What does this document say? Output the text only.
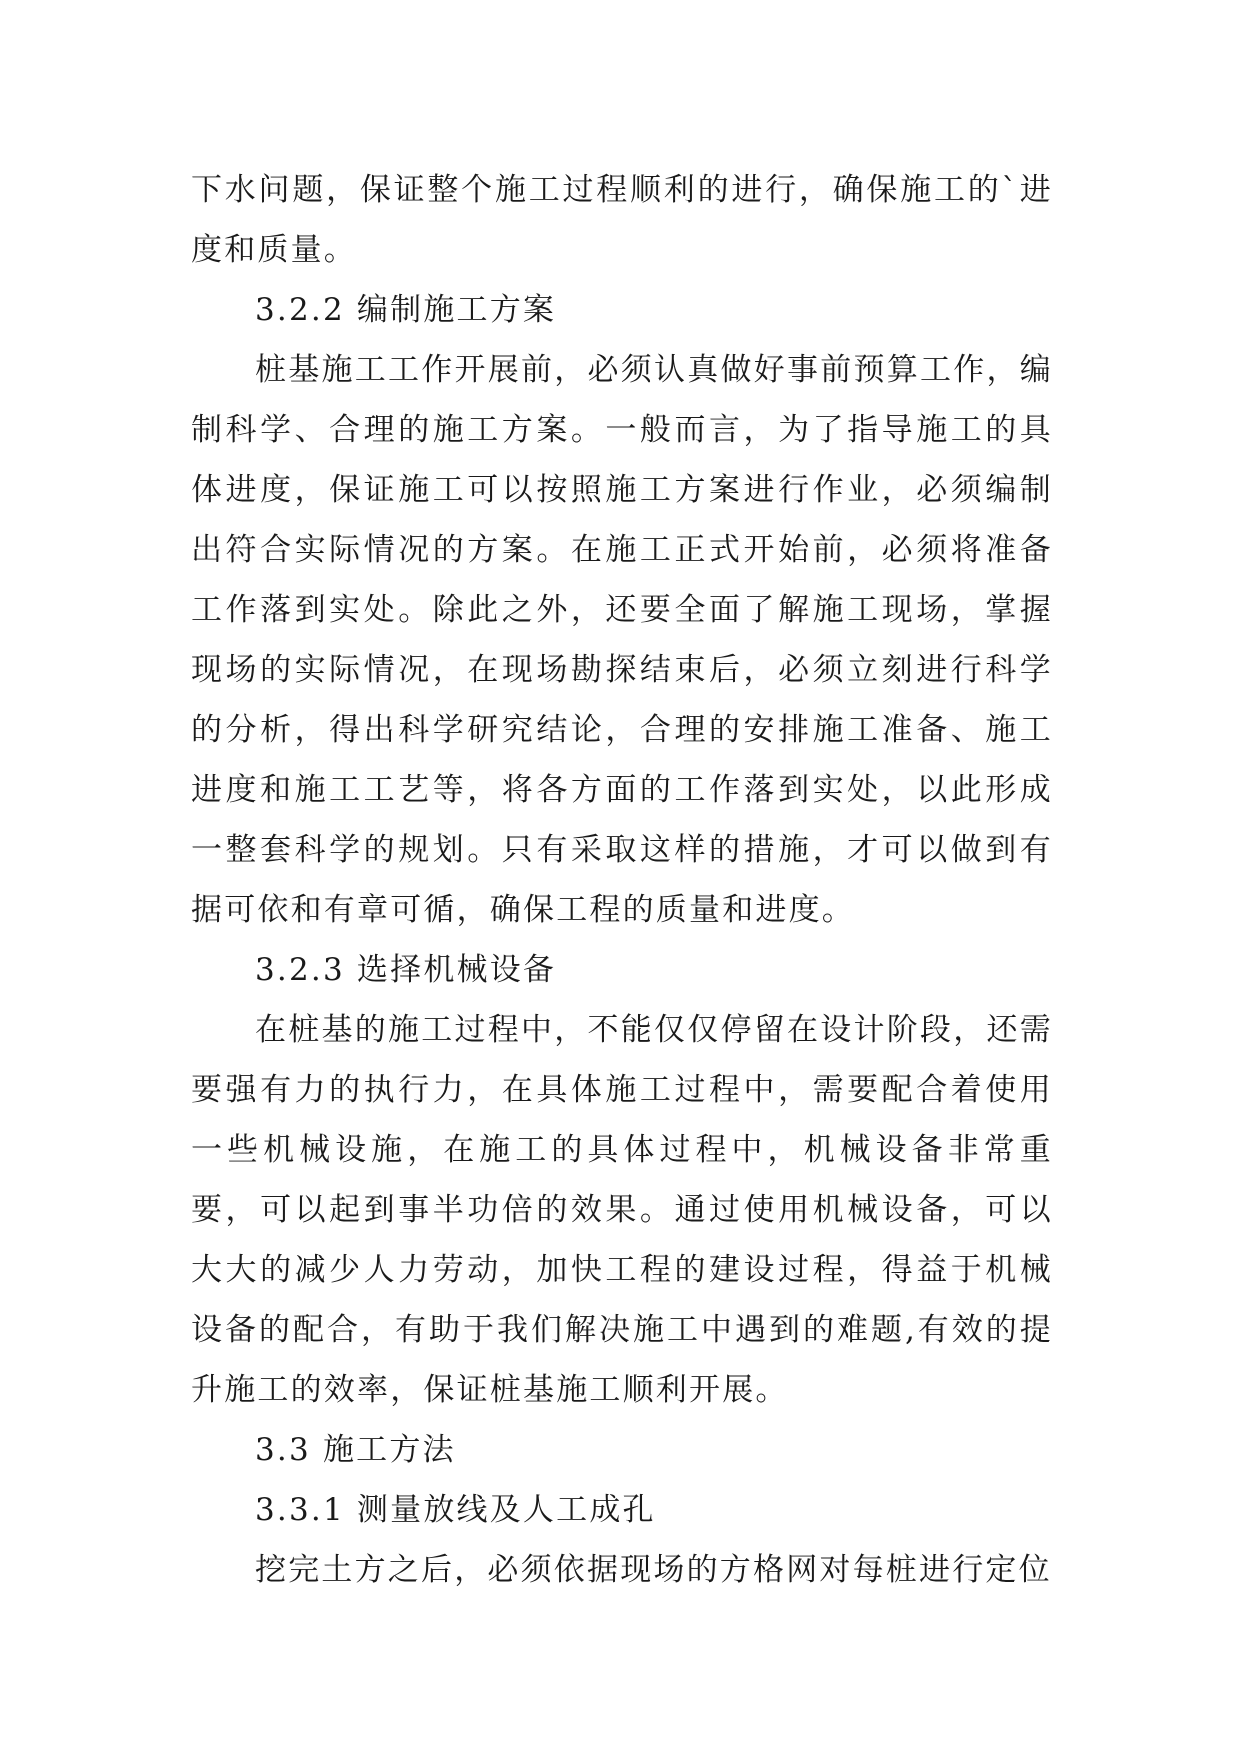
下水问题，保证整个施工过程顺利的进行，确保施工的`进度和质量。

3.2.2 编制施工方案

桩基施工工作开展前，必须认真做好事前预算工作，编制科学、合理的施工方案。一般而言，为了指导施工的具体进度，保证施工可以按照施工方案进行作业，必须编制出符合实际情况的方案。在施工正式开始前，必须将准备工作落到实处。除此之外，还要全面了解施工现场，掌握现场的实际情况，在现场勘探结束后，必须立刻进行科学的分析，得出科学研究结论，合理的安排施工准备、施工进度和施工工艺等，将各方面的工作落到实处，以此形成一整套科学的规划。只有采取这样的措施，才可以做到有据可依和有章可循，确保工程的质量和进度。

3.2.3 选择机械设备

在桩基的施工过程中，不能仅仅停留在设计阶段，还需要强有力的执行力，在具体施工过程中，需要配合着使用一些机械设施，在施工的具体过程中，机械设备非常重要，可以起到事半功倍的效果。通过使用机械设备，可以大大的减少人力劳动，加快工程的建设过程，得益于机械设备的配合，有助于我们解决施工中遇到的难题,有效的提升施工的效率，保证桩基施工顺利开展。

3.3 施工方法

3.3.1 测量放线及人工成孔

挖完土方之后，必须依据现场的方格网对每桩进行定位
